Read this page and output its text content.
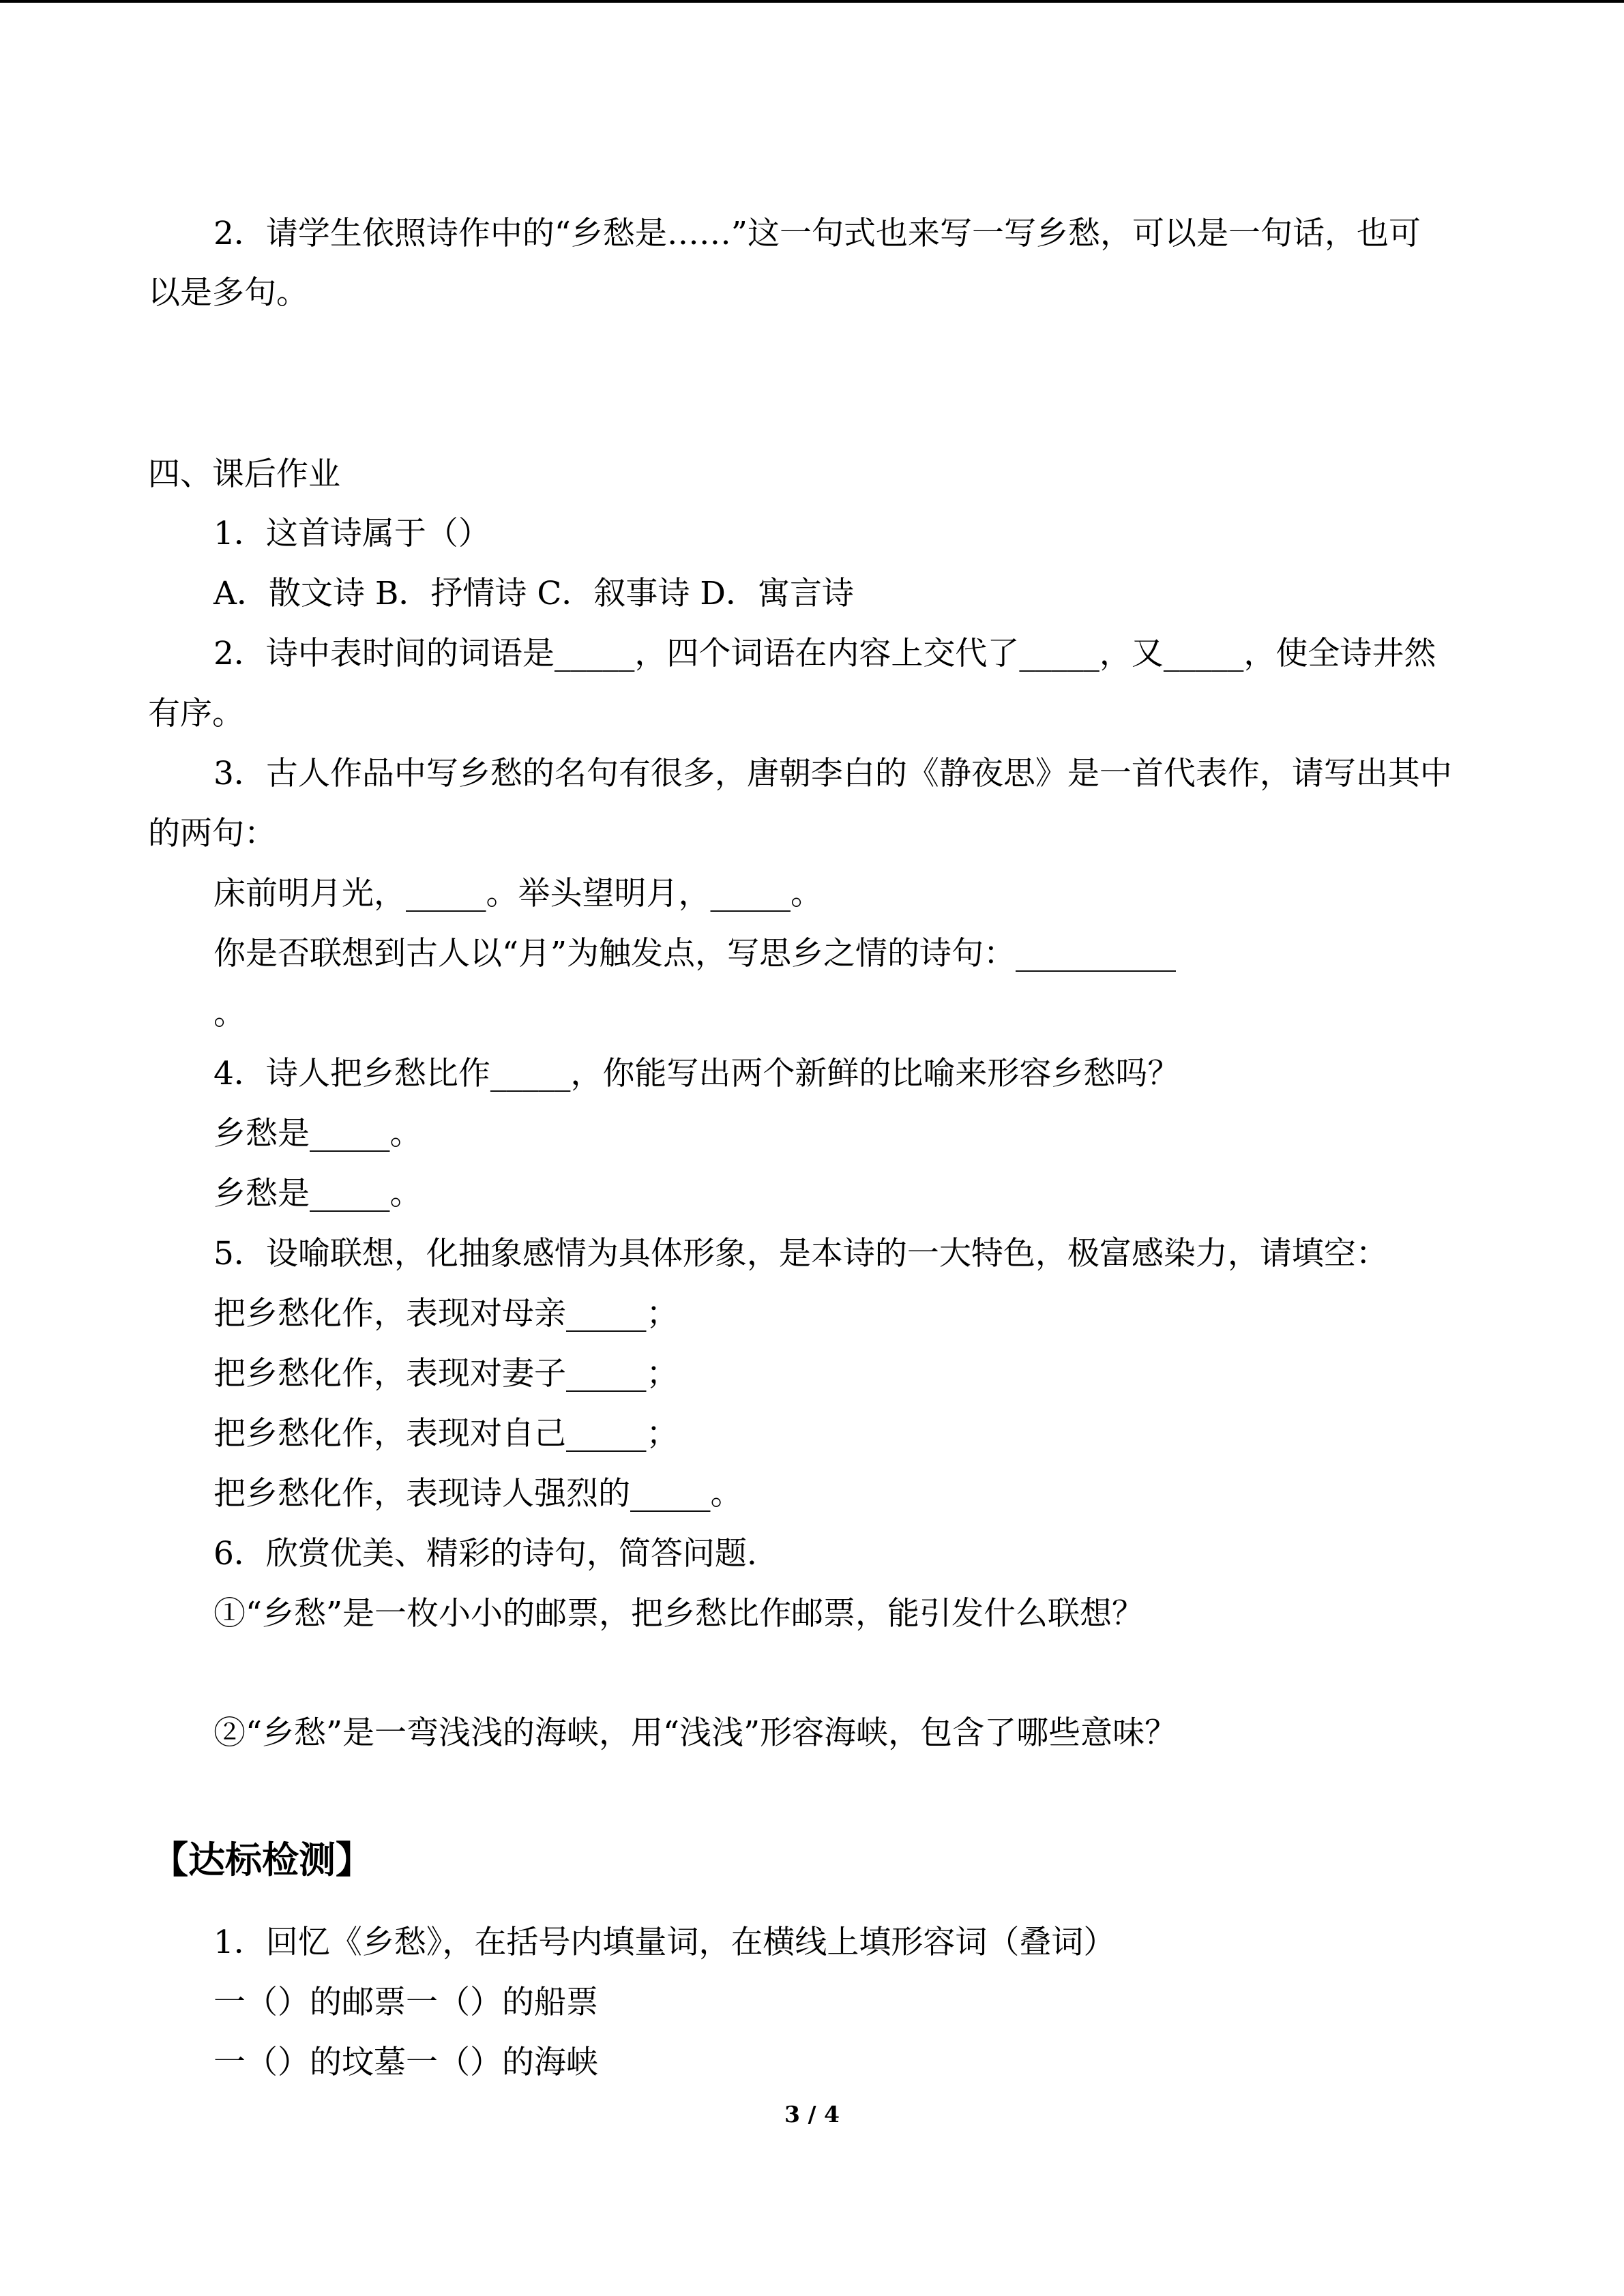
2．请学生依照诗作中的“乡愁是……”这一句式也来写一写乡愁，可以是一句话，也可

以是多句。

四、课后作业

1．这首诗属于（）

A．散文诗 B．抒情诗 C．叙事诗 D．寓言诗

2．诗中表时间的词语是_____，四个词语在内容上交代了_____，又_____，使全诗井然

有序。

3．古人作品中写乡愁的名句有很多，唐朝李白的《静夜思》是一首代表作，请写出其中

的两句：

床前明月光，_____。举头望明月，_____。

你是否联想到古人以“月”为触发点，写思乡之情的诗句：__________

。

4．诗人把乡愁比作_____，你能写出两个新鲜的比喻来形容乡愁吗？

乡愁是_____。

乡愁是_____。

5．设喻联想，化抽象感情为具体形象，是本诗的一大特色，极富感染力，请填空：

把乡愁化作，表现对母亲_____；

把乡愁化作，表现对妻子_____；

把乡愁化作，表现对自己_____；

把乡愁化作，表现诗人强烈的_____。

6．欣赏优美、精彩的诗句，简答问题.

①“乡愁”是一枚小小的邮票，把乡愁比作邮票，能引发什么联想？

②“乡愁”是一弯浅浅的海峡，用“浅浅”形容海峡，包含了哪些意味？

【达标检测】

1．回忆《乡愁》，在括号内填量词，在横线上填形容词（叠词）

一（）的邮票一（）的船票

一（）的坟墓一（）的海峡

3 / 4
